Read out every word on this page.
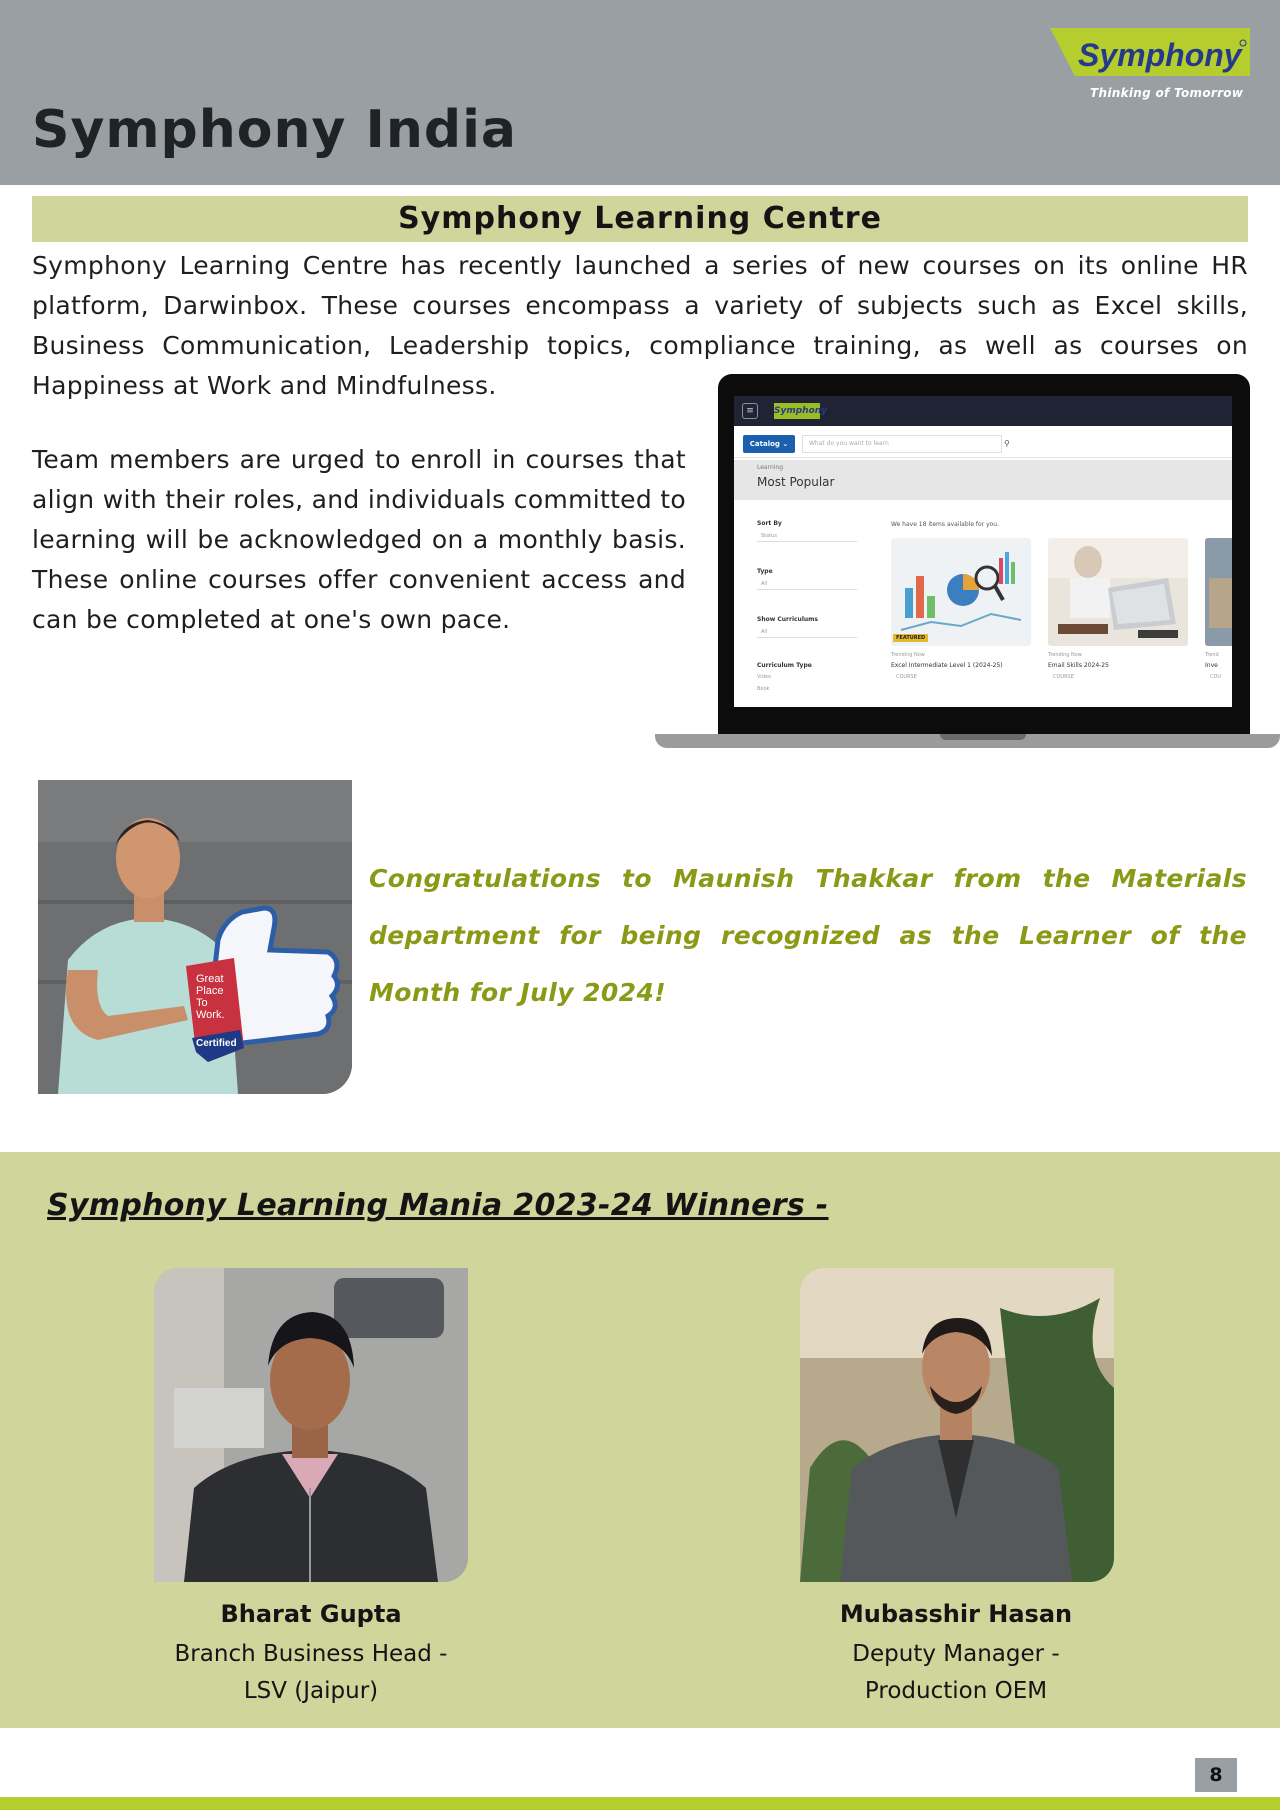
Symphony
Thinking of Tomorrow
Symphony India
Symphony Learning Centre

Symphony Learning Centre has recently launched a series of new courses on its online HR platform, Darwinbox. These courses encompass a variety of subjects such as Excel skills, Business Communication, Leadership topics, compliance training, as well as courses on Happiness at Work and Mindfulness.

Team members are urged to enroll in courses that align with their roles, and individuals committed to learning will be acknowledged on a monthly basis. These online courses offer convenient access and can be completed at one's own pace.

≡	Symphony
Catalog ⌄	What do you want to learn	⚲
Learning
Most Popular
Sort By
Status
Type
All
Show Curriculums
All
Curriculum Type
Video
Book
We have 18 items available for you.
FEATURED
Trending Now
Excel Intermediate Level 1 (2024-25)
COURSE
Trending Now
Email Skills 2024-25
COURSE
Trend
Inve
COU
Great
Place
To
Work.
Certified

Congratulations to Maunish Thakkar from the Materials department for being recognized as the Learner of the Month for July 2024!

Symphony Learning Mania 2023-24 Winners -
Bharat Gupta
Branch Business Head -
LSV (Jaipur)
Mubasshir Hasan
Deputy Manager -
Production OEM
8
